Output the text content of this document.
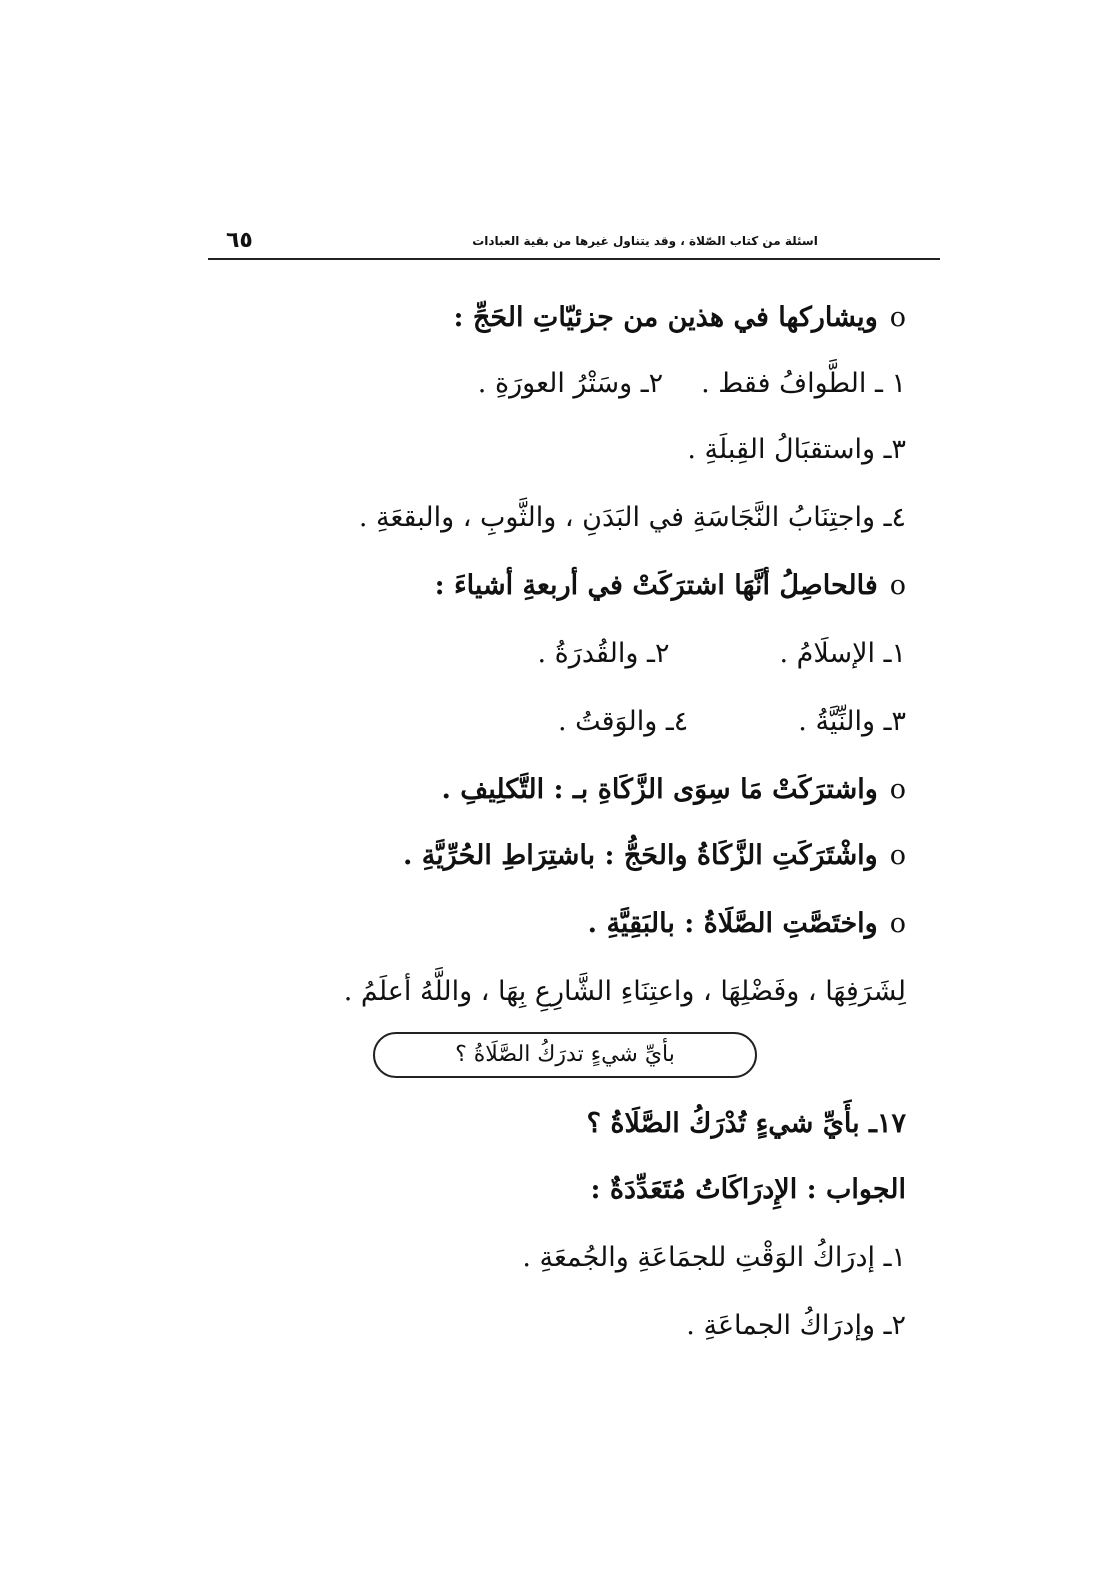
٦٥	اسئلة من كتاب الصّلاة ، وقد يتناول غيرها من بقية العبادات
oويشاركها في هذين من جزئيّاتِ الحَجِّ :
١ ـ الطَّوافُ فقط .٢ـ وسَتْرُ العورَةِ .
٣ـ واستقبَالُ القِبلَةِ .
٤ـ واجتِنَابُ النَّجَاسَةِ في البَدَنِ ، والثَّوبِ ، والبقعَةِ .
oفالحاصِلُ أنَّهَا اشترَكَتْ في أربعةِ أشياءَ :
١ـ الإسلَامُ .٢ـ والقُدرَةُ .
٣ـ والنِّيَّةُ .٤ـ والوَقتُ .
oواشترَكَتْ مَا سِوَى الزَّكَاةِ بـ : التَّكلِيفِ .
oواشْتَرَكَتِ الزَّكَاةُ والحَجُّ : باشتِرَاطِ الحُرِّيَّةِ .
oواختَصَّتِ الصَّلَاةُ : بالبَقِيَّةِ .
لِشَرَفِهَا ، وفَضْلِهَا ، واعتِنَاءِ الشَّارِعِ بِهَا ، واللَّهُ أعلَمُ .
بأيِّ شيءٍ تدرَكُ الصَّلَاةُ ؟
١٧ـ بأَيِّ شيءٍ تُدْرَكُ الصَّلَاةُ ؟
الجواب : الإِدرَاكَاتُ مُتَعَدِّدَةٌ :
١ـ إدرَاكُ الوَقْتِ للجمَاعَةِ والجُمعَةِ .
٢ـ وإدرَاكُ الجماعَةِ .
